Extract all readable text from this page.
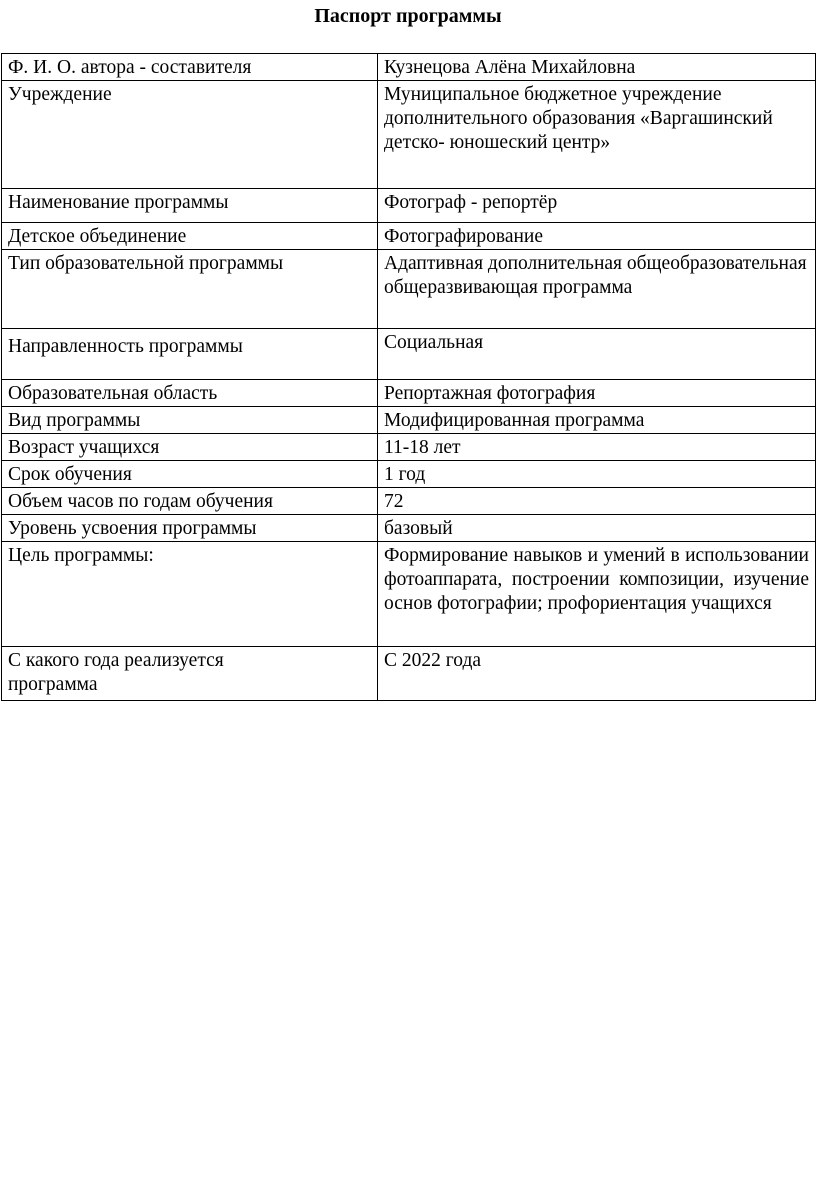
Паспорт программы
Ф. И. О. автора - составителя	Кузнецова Алёна Михайловна
Учреждение	Муниципальное бюджетное учреждение дополнительного образования «Варгашинский детско- юношеский центр»
Наименование программы	Фотограф - репортёр
Детское объединение	Фотографирование
Тип образовательной программы	Адаптивная дополнительная общеобразовательная общеразвивающая программа
Направленность программы	Социальная
Образовательная область	Репортажная фотография
Вид программы	Модифицированная программа
Возраст учащихся	11-18 лет
Срок обучения	1 год
Объем часов по годам обучения	72
Уровень усвоения программы	базовый
Цель программы:	Формирование навыков и умений в использовании фотоаппарата, построении композиции, изучение основ фотографии; профориентация учащихся
С какого года реализуется программа	С 2022 года
